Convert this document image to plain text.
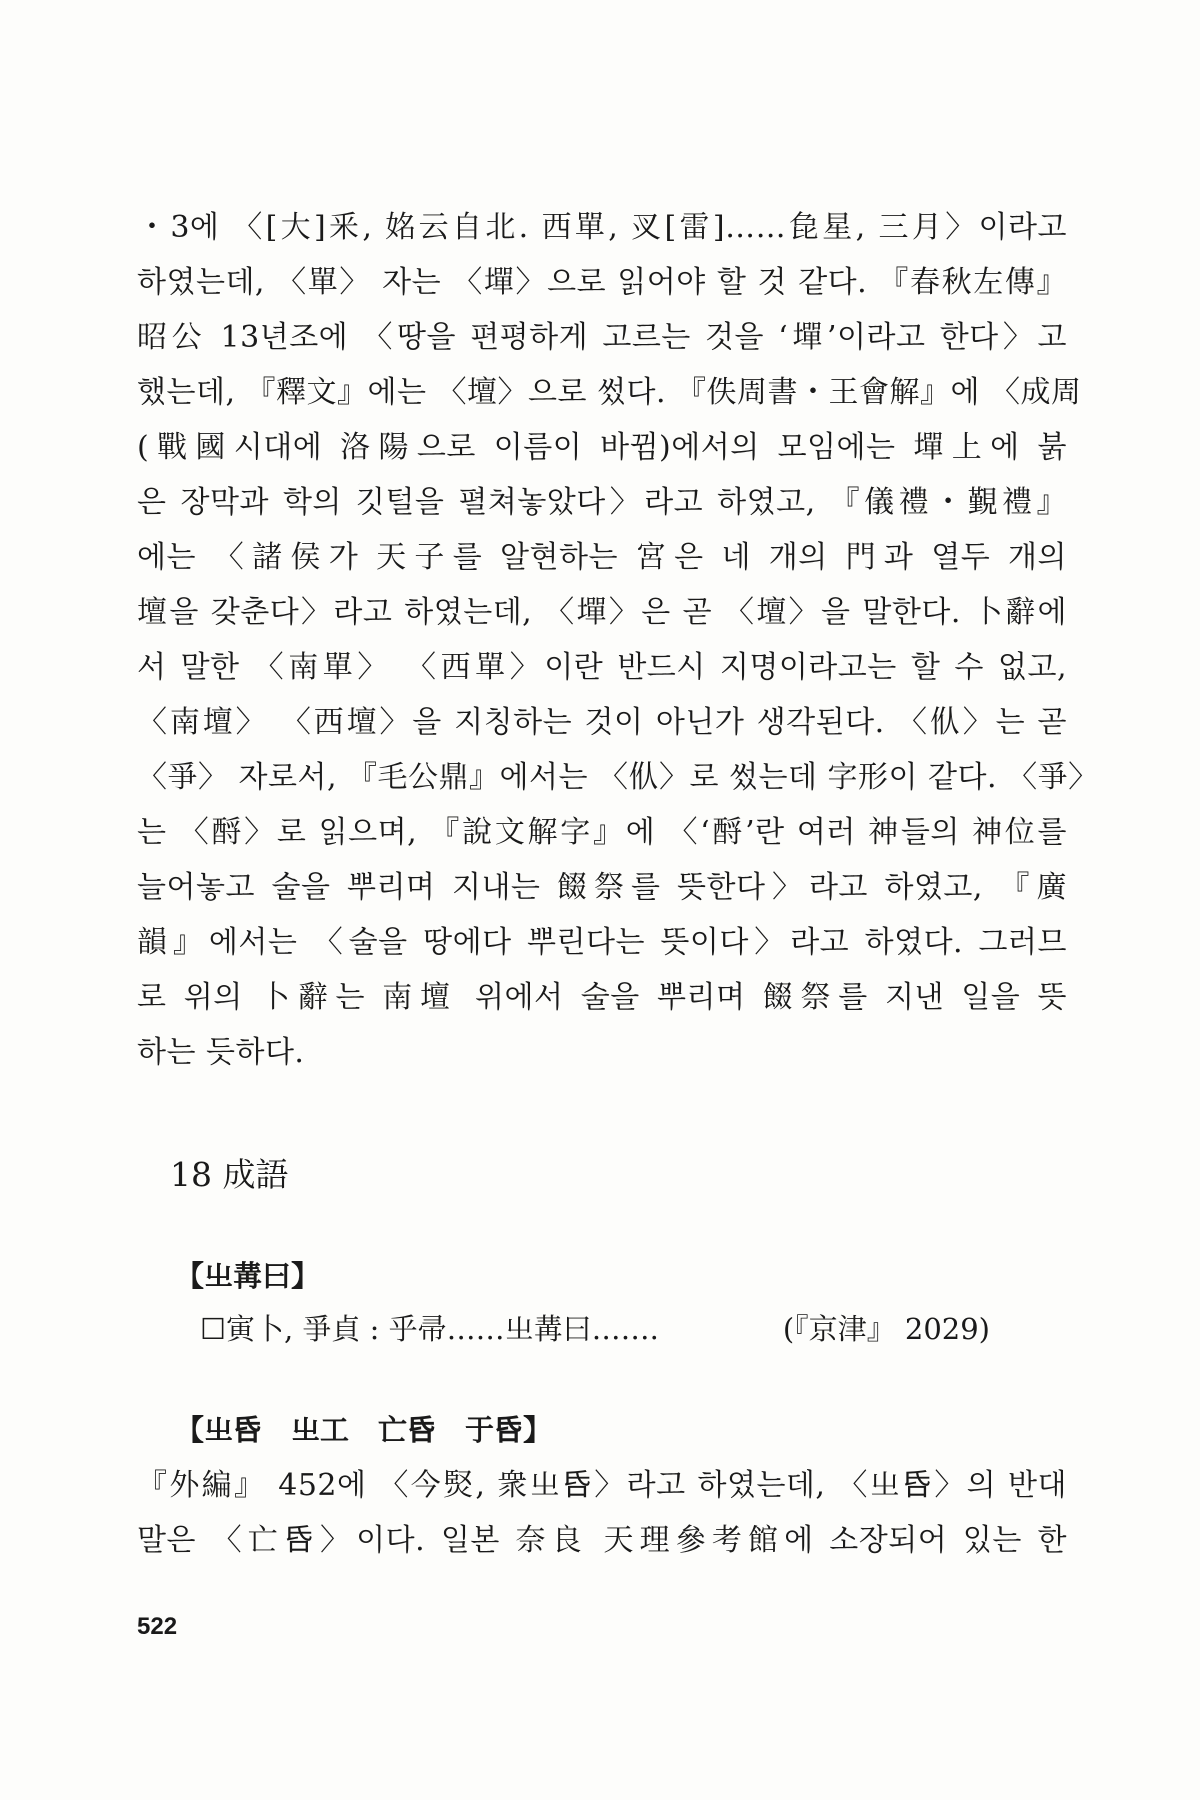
・3에 〈[大]釆, 姳云自北. 西單, 㕚[雷]……㲋星, 三月〉이라고
하였는데, 〈單〉 자는 〈墠〉으로 읽어야 할 것 같다. 『春秋左傳』
昭公 13년조에 〈땅을 편평하게 고르는 것을 ‘墠’이라고 한다〉고
했는데, 『釋文』에는 〈壇〉으로 썼다. 『佚周書・王會解』에 〈成周
(戰國시대에 洛陽으로 이름이 바뀜)에서의 모임에는 墠上에 붉
은 장막과 학의 깃털을 펼쳐놓았다〉라고 하였고, 『儀禮・覲禮』
에는 〈諸侯가 天子를 알현하는 宮은 네 개의 門과 열두 개의
壇을 갖춘다〉라고 하였는데, 〈墠〉은 곧 〈壇〉을 말한다. 卜辭에
서 말한 〈南單〉 〈西單〉이란 반드시 지명이라고는 할 수 없고,
〈南壇〉 〈西壇〉을 지칭하는 것이 아닌가 생각된다. 〈㐺〉는 곧
〈爭〉 자로서, 『毛公鼎』에서는 〈㐺〉로 썼는데 字形이 같다. 〈爭〉
는 〈酹〉로 읽으며, 『說文解字』에 〈‘酹’란 여러 神들의 神位를
늘어놓고 술을 뿌리며 지내는 餟祭를 뜻한다〉라고 하였고, 『廣
韻』에서는 〈술을 땅에다 뿌린다는 뜻이다〉라고 하였다. 그러므
로 위의 卜辭는 南壇 위에서 술을 뿌리며 餟祭를 지낸 일을 뜻
하는 듯하다.
18 成語
【㞢冓曰】
☐寅卜, 爭貞 : 乎帚……㞢冓曰…….	(『京津』 2029)
【㞢𠯑　㞢工　亡𠯑　于𠯑】
『外編』 452에 〈今㷂, 衆㞢𠯑〉라고 하였는데, 〈㞢𠯑〉의 반대
말은 〈亡𠯑〉이다. 일본 奈良 天理參考館에 소장되어 있는 한
522
